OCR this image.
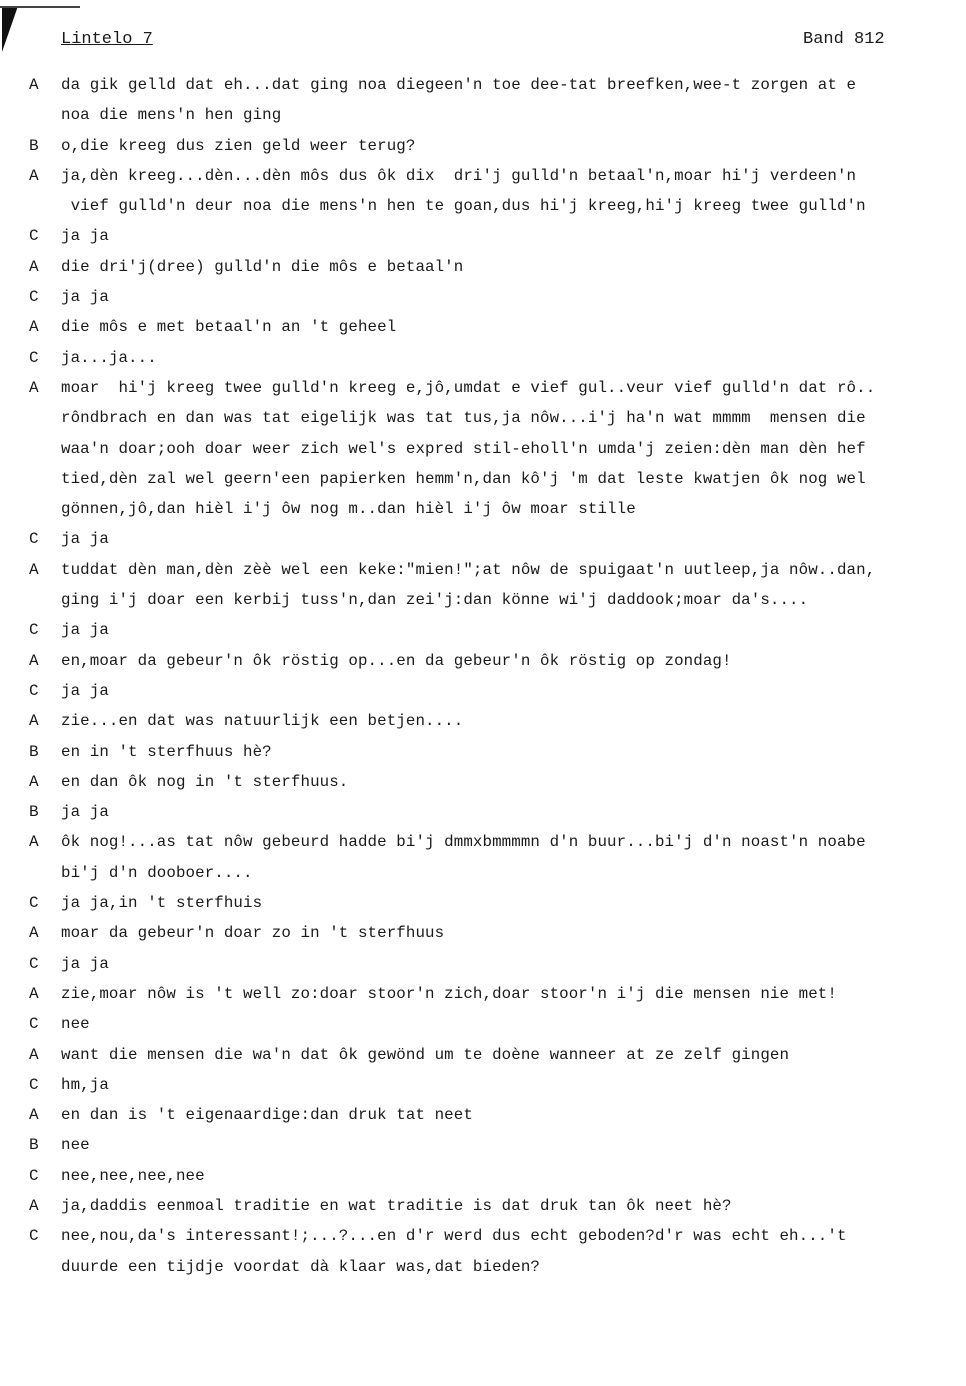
Lintelo 7	Band 812
A da gik gelld dat eh...dat ging noa diegeen'n toe dee-tat breefken,wee-t zorgen at e
noa die mens'n hen ging
B o,die kreeg dus zien geld weer terug?
A ja,dèn kreeg...dèn...dèn môs dus ôk dix  dri'j gulld'n betaal'n,moar hi'j verdeen'n
vief gulld'n deur noa die mens'n hen te goan,dus hi'j kreeg,hi'j kreeg twee gulld'n
C ja ja
A die dri'j(dree) gulld'n die môs e betaal'n
C ja ja
A die môs e met betaal'n an 't geheel
C ja...ja...
A moar  hi'j kreeg twee gulld'n kreeg e,jô,umdat e vief gul..veur vief gulld'n dat rô..
rôndbrach en dan was tat eigelijk was tat tus,ja nôw...i'j ha'n wat mmmm  mensen die
waa'n doar;ooh doar weer zich wel's expred stil-eholl'n umda'j zeien:dèn man dèn hef
tied,dèn zal wel geern'een papierken hemm'n,dan kô'j 'm dat leste kwatjen ôk nog wel
gönnen,jô,dan hièl i'j ôw nog m..dan hièl i'j ôw moar stille
C ja ja
A tuddat dèn man,dèn zèè wel een keke:"mien!";at nôw de spuigaat'n uutleep,ja nôw..dan,
ging i'j doar een kerbij tuss'n,dan zei'j:dan könne wi'j daddook;moar da's....
C ja ja
A en,moar da gebeur'n ôk röstig op...en da gebeur'n ôk röstig op zondag!
C ja ja
A zie...en dat was natuurlijk een betjen....
B en in 't sterfhuus hè?
A en dan ôk nog in 't sterfhuus.
B ja ja
A ôk nog!...as tat nôw gebeurd hadde bi'j dmmxbmmmmn d'n buur...bi'j d'n noast'n noabe
bi'j d'n dooboer....
C ja ja,in 't sterfhuis
A moar da gebeur'n doar zo in 't sterfhuus
C ja ja
A zie,moar nôw is 't well zo:doar stoor'n zich,doar stoor'n i'j die mensen nie met!
C nee
A want die mensen die wa'n dat ôk gewönd um te doène wanneer at ze zelf gingen
C hm,ja
A en dan is 't eigenaardige:dan druk tat neet
B nee
C nee,nee,nee,nee
A ja,daddis eenmoal traditie en wat traditie is dat druk tan ôk neet hè?
C nee,nou,da's interessant!;...?...en d'r werd dus echt geboden?d'r was echt eh...'t
duurde een tijdje voordat dà klaar was,dat bieden?
